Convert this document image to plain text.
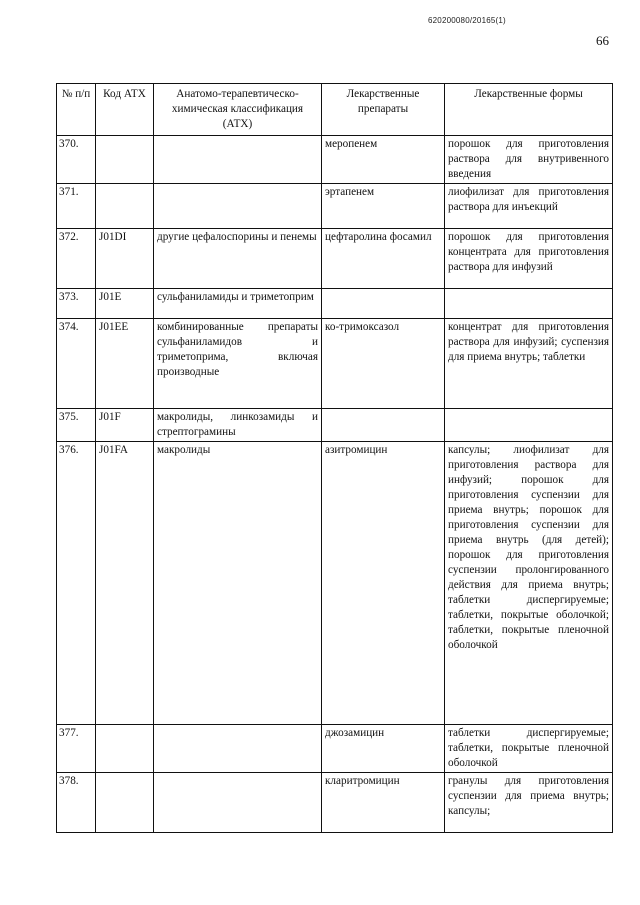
620200080/20165(1)
66
№ п/п	Код АТХ	Анатомо-терапевтическо-химическая классификация (АТХ)	Лекарственные препараты	Лекарственные формы
370.			меропенем	порошок для приготовления раствора для внутривенного введения
371.			эртапенем	лиофилизат для приготовления раствора для инъекций
372.	J01DI	другие цефалоспорины и пенемы	цефтаролина фосамил	порошок для приготовления концентрата для приготовления раствора для инфузий
373.	J01E	сульфаниламиды и триметоприм		
374.	J01EE	комбинированные препараты сульфаниламидов и триметоприма, включая производные	ко-тримоксазол	концентрат для приготовления раствора для инфузий; суспензия для приема внутрь; таблетки
375.	J01F	макролиды, линкозамиды и стрептограмины		
376.	J01FA	макролиды	азитромицин	капсулы; лиофилизат для приготовления раствора для инфузий; порошок для приготовления суспензии для приема внутрь; порошок для приготовления суспензии для приема внутрь (для детей); порошок для приготовления суспензии пролонгированного действия для приема внутрь; таблетки диспергируемые; таблетки, покрытые оболочкой; таблетки, покрытые пленочной оболочкой
377.			джозамицин	таблетки диспергируемые; таблетки, покрытые пленочной оболочкой
378.			кларитромицин	гранулы для приготовления суспензии для приема внутрь; капсулы;
